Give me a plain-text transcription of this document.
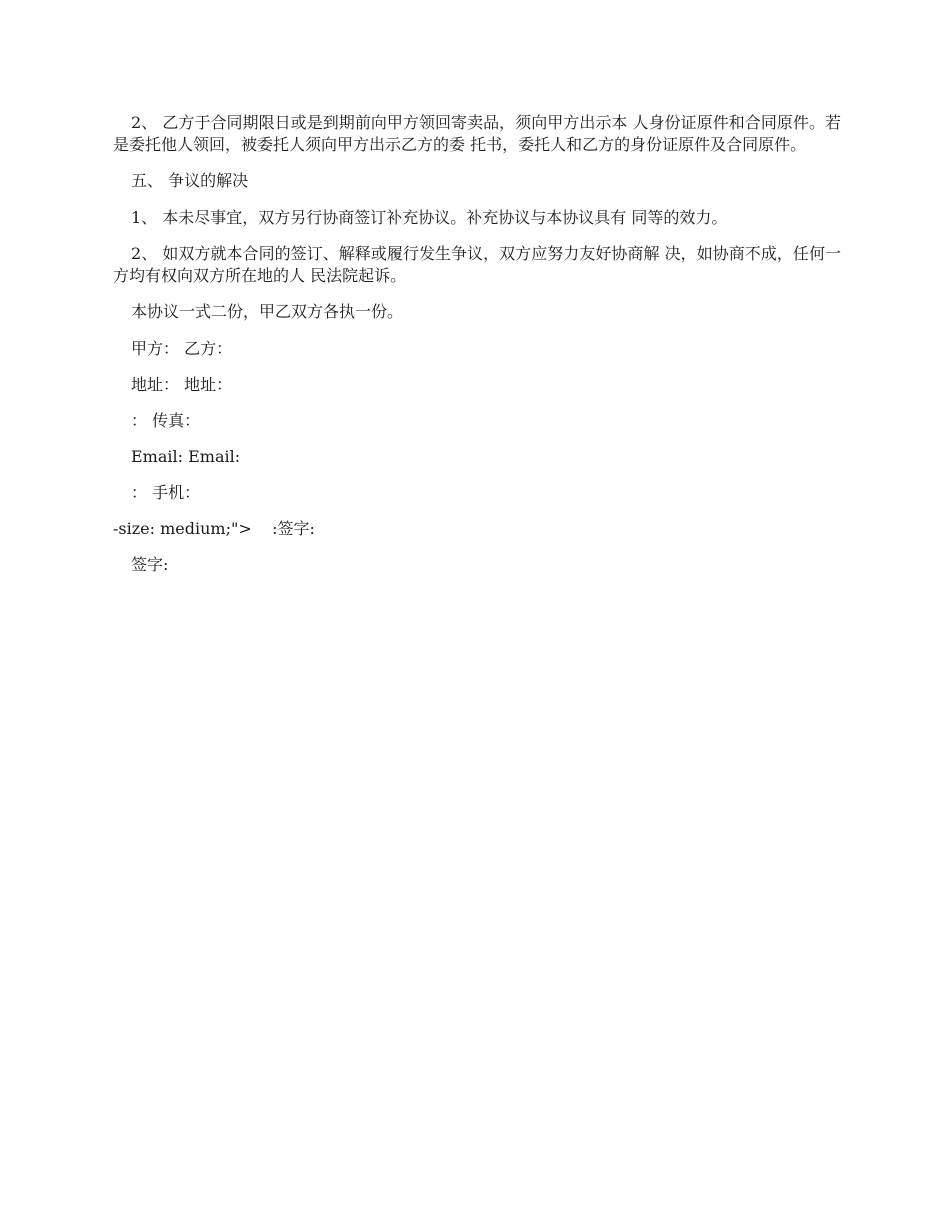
2、 乙方于合同期限日或是到期前向甲方领回寄卖品，须向甲方出示本 人身份证原件和合同原件。若是委托他人领回，被委托人须向甲方出示乙方的委 托书，委托人和乙方的身份证原件及合同原件。

五、 争议的解决

1、 本未尽事宜，双方另行协商签订补充协议。补充协议与本协议具有 同等的效力。

2、 如双方就本合同的签订、解释或履行发生争议，双方应努力友好协商解 决，如协商不成，任何一方均有权向双方所在地的人 民法院起诉。

本协议一式二份，甲乙双方各执一份。

甲方： 乙方：

地址： 地址：

： 传真：

Email: Email:

： 手机：

-size: medium;">    :签字:

签字:
